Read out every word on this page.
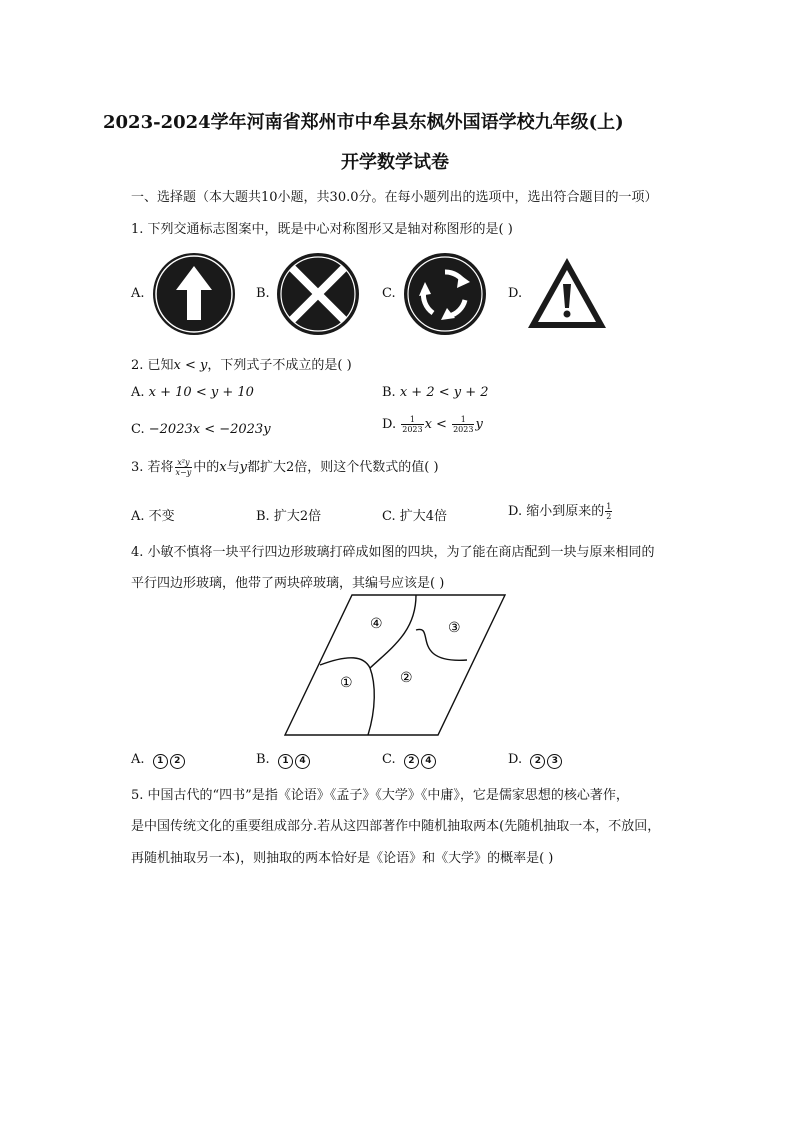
2023-2024学年河南省郑州市中牟县东枫外国语学校九年级(上)
开学数学试卷
一、选择题（本大题共10小题，共30.0分。在每小题列出的选项中，选出符合题目的一项）
1. 下列交通标志图案中，既是中心对称图形又是轴对称图形的是( )
A.	B.	C.	D.
2. 已知x < y，下列式子不成立的是( )
A. x + 10 < y + 10	B. x + 2 < y + 2
C. −2023x < −2023y	D. $\frac{1}{2023}$ $x < \frac{1}{2023}$ y
3. 若将 $\frac{\text{x²y}}{x-y}$ 中的x与y都扩大2倍，则这个代数式的值( )
A. 不变	B. 扩大2倍	C. 扩大4倍	D. 缩小到原来的 $\frac{1}{2}$
4. 小敏不慎将一块平行四边形玻璃打碎成如图的四块，为了能在商店配到一块与原来相同的
平行四边形玻璃，他带了两块碎玻璃，其编号应该是( )
①	②
③
④
A. 1 2	B. 1 4	C. 2 4	D. 2 3
5. 中国古代的“四书”是指《论语》《孟子》《大学》《中庸》，它是儒家思想的核心著作，
是中国传统文化的重要组成部分.若从这四部著作中随机抽取两本(先随机抽取一本，不放回，
再随机抽取另一本)，则抽取的两本恰好是《论语》和《大学》的概率是( )
